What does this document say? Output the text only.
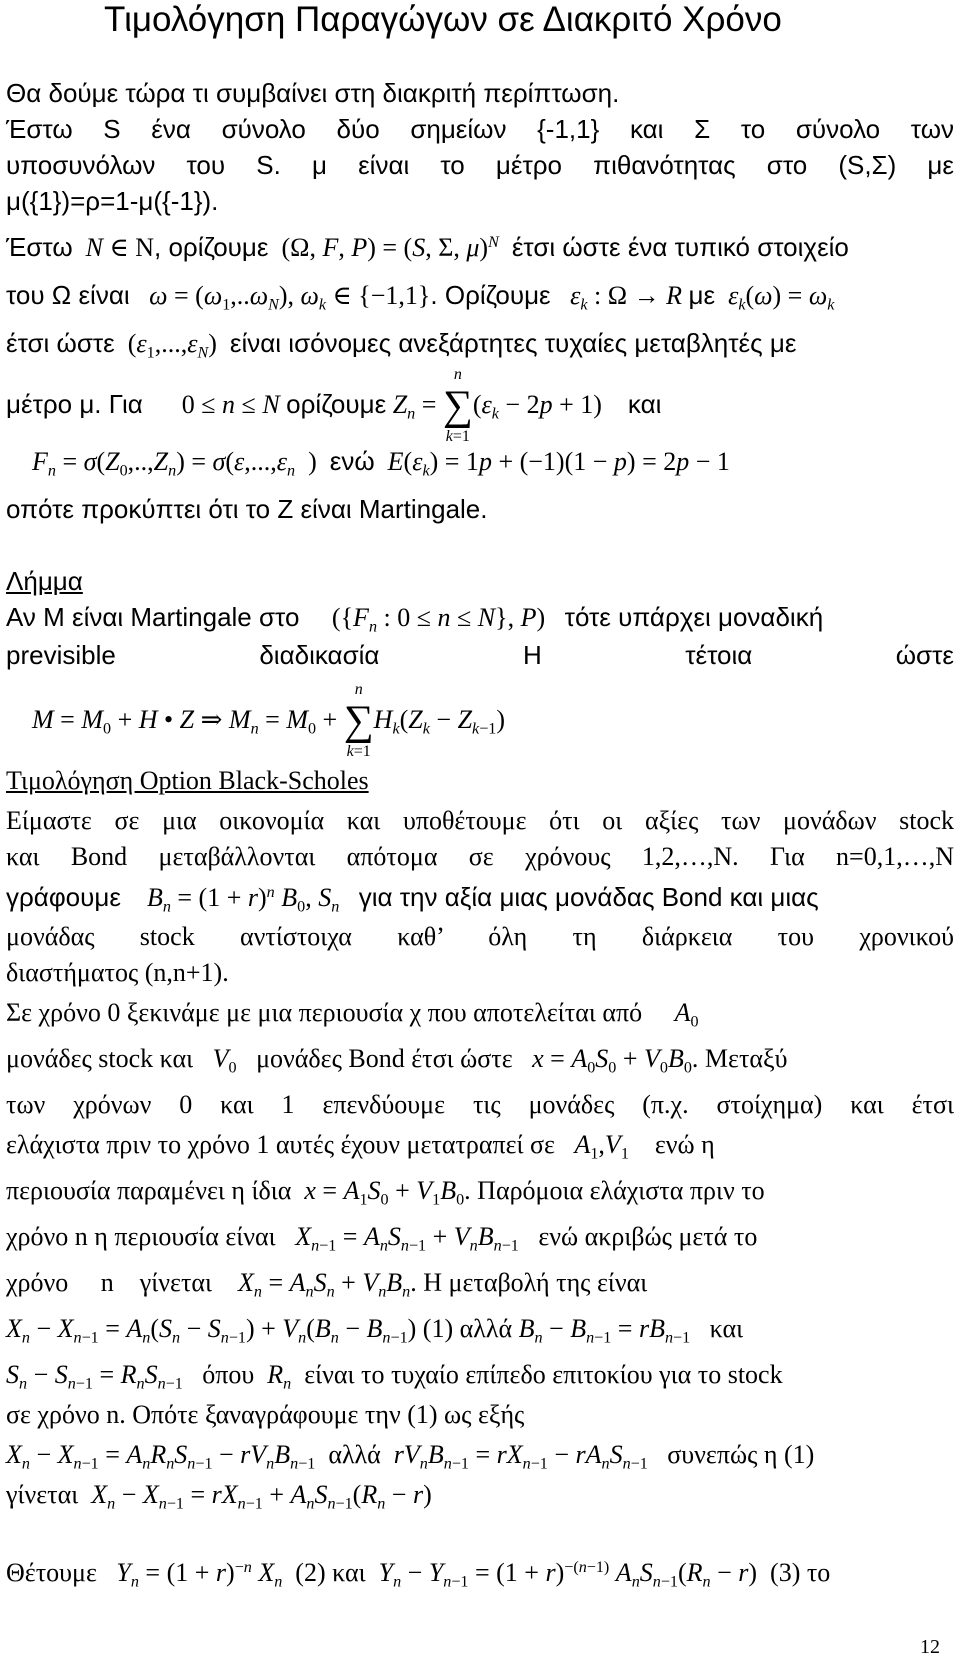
Τιμολόγηση Παραγώγων σε Διακριτό Χρόνο
Θα δούμε τώρα τι συμβαίνει στη διακριτή περίπτωση.
Έστω S ένα σύνολο δύο σημείων {-1,1} και Σ το σύνολο των
υποσυνόλων του S. μ είναι το μέτρο πιθανότητας στο (S,Σ) με
μ({1})=ρ=1-μ({-1}).
Έστω N ∈ N, ορίζουμε  (Ω, F, P) = (S, Σ, μ)$^N$ έτσι ώστε ένα τυπικό στοιχείο
του Ω είναι $\omega = (\omega_1,..\omega_N)$, $\omega_k$ ∈ {−1,1}. Ορίζουμε $\varepsilon_k$ : Ω → R με $\varepsilon_k(\omega) = \omega_k$
έτσι ώστε  $(\varepsilon_1,...,\varepsilon_N)$  είναι ισόνομες ανεξάρτητες τυχαίες μεταβλητές με
μέτρο μ. Για      0 ≤ n ≤ N ορίζουμε $Z_n$ = ∑
n
k=1
$(\varepsilon_k - 2p + 1)$    και
$F_n = \sigma(Z_0,..,Z_n) = \sigma(\varepsilon,...,\varepsilon_n$  )  ενώ $E(\varepsilon_k) = 1p + (-1)(1 - p) = 2p - 1$
οπότε προκύπτει ότι το Z είναι Martingale.
Λήμμα
Αν M είναι Martingale στο     ({$F_n$ : 0 ≤ n ≤ N}, P)   τότε υπάρχει μοναδική
previsible	διαδικασία	H	τέτοια	ώστε
$M = M_0 + H$ • Z ⇒ $M_n = M_0$ + ∑
n
k=1
$H_k(Z_k - Z_{k-1})$
Τιμολόγηση Option Black-Scholes
Είμαστε σε μια οικονομία και υποθέτουμε ότι οι αξίες των μονάδων stock
και Bond μεταβάλλονται απότομα σε χρόνους 1,2,…,N. Για n=0,1,…,N
γράφουμε $B_n = (1 + r)^n$ $B_0$, $S_n$ για την αξία μιας μονάδας Bond και μιας
μονάδας stock αντίστοιχα καθ’ όλη τη διάρκεια του χρονικού
διαστήματος (n,n+1).
Σε χρόνο 0 ξεκινάμε με μια περιουσία χ που αποτελείται από $A_0$
μονάδες stock και $V_0$ μονάδες Bond έτσι ώστε $x = A_0S_0 + V_0B_0$. Μεταξύ
των χρόνων 0 και 1 επενδύουμε τις μονάδες (π.χ. στοίχημα) και έτσι
ελάχιστα πριν το χρόνο 1 αυτές έχουν μετατραπεί σε $A_1,V_1$ ενώ η
περιουσία παραμένει η ίδια $x = A_1S_0 + V_1B_0$. Παρόμοια ελάχιστα πριν το
χρόνο n η περιουσία είναι $X_{n-1} = A_nS_{n-1} + V_nB_{n-1}$ ενώ ακριβώς μετά το
χρόνο n γίνεται $X_n = A_nS_n + V_nB_n$. Η μεταβολή της είναι
$X_n - X_{n-1} = A_n(S_n - S_{n-1}) + V_n(B_n - B_{n-1})$ (1) αλλά $B_n - B_{n-1} = rB_{n-1}$ και
$S_n - S_{n-1} = R_nS_{n-1}$ όπου $R_n$ είναι το τυχαίο επίπεδο επιτοκίου για το stock
σε χρόνο n. Οπότε ξαναγράφουμε την (1) ως εξής
$X_n - X_{n-1} = A_nR_nS_{n-1} - rV_nB_{n-1}$ αλλά $rV_nB_{n-1} = rX_{n-1} - rA_nS_{n-1}$ συνεπώς η (1)
γίνεται $X_n - X_{n-1} = rX_{n-1} + A_nS_{n-1}(R_n - r)$
Θέτουμε $Y_n = (1 + r)^{-n}$ $X_n$ (2) και $Y_n - Y_{n-1} = (1 + r)^{-(n-1)}$ $A_nS_{n-1}(R_n - r)$  (3) το
12
